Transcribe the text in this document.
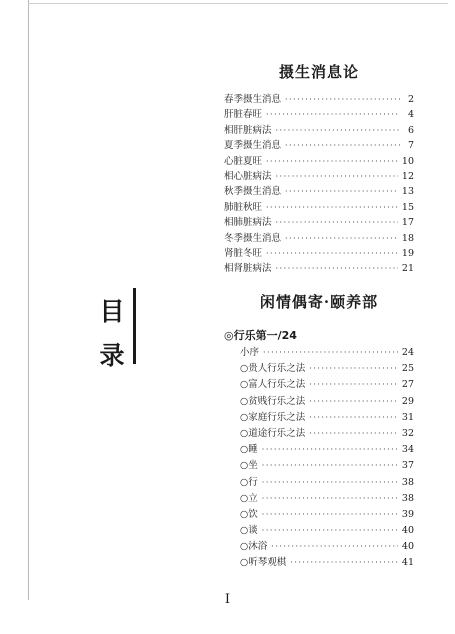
摄生消息论
春季摄生消息 ·····	2
肝脏春旺 ·····	4
相肝脏病法 ·····	6
夏季摄生消息 ·····	7
心脏夏旺 ·····	10
相心脏病法 ·····	12
秋季摄生消息 ·····	13
肺脏秋旺 ·····	15
相肺脏病法 ·····	17
冬季摄生消息 ·····	18
肾脏冬旺 ·····	19
相肾脏病法 ·····	21
目
录
闲情偶寄·颐养部
◎行乐第一/24
小序 ·····	24
○贵人行乐之法 ·····	25
○富人行乐之法 ·····	27
○贫贱行乐之法 ·····	29
○家庭行乐之法 ·····	31
○道途行乐之法 ·····	32
○睡 ·····	34
○坐 ·····	37
○行 ·····	38
○立 ·····	38
○饮 ·····	39
○谈 ·····	40
○沐浴 ·····	40
○听琴观棋 ·····	41
I
